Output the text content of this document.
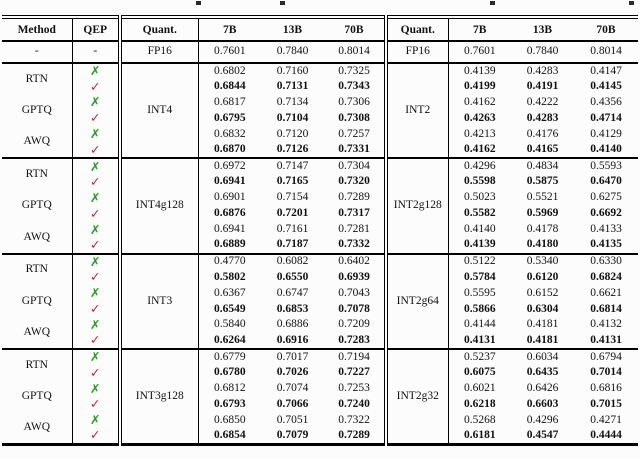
Method	QEP	Quant.	7B	13B	70B	Quant.	7B	13B	70B
-	-	FP16	0.7601	0.7840	0.8014	FP16	0.7601	0.7840	0.8014
RTN	✗	INT4	0.6802	0.7160	0.7325	INT2	0.4139	0.4283	0.4147
	✓		0.6844	0.7131	0.7343		0.4199	0.4191	0.4145
GPTQ	✗		0.6817	0.7134	0.7306		0.4162	0.4222	0.4356
	✓		0.6795	0.7104	0.7308		0.4263	0.4283	0.4714
AWQ	✗		0.6832	0.7120	0.7257		0.4213	0.4176	0.4129
	✓		0.6870	0.7126	0.7331		0.4162	0.4165	0.4140
RTN	✗	INT4g128	0.6972	0.7147	0.7304	INT2g128	0.4296	0.4834	0.5593
	✓		0.6941	0.7165	0.7320		0.5598	0.5875	0.6470
GPTQ	✗		0.6901	0.7154	0.7289		0.5023	0.5521	0.6275
	✓		0.6876	0.7201	0.7317		0.5582	0.5969	0.6692
AWQ	✗		0.6941	0.7161	0.7281		0.4140	0.4178	0.4133
	✓		0.6889	0.7187	0.7332		0.4139	0.4180	0.4135
RTN	✗	INT3	0.4770	0.6082	0.6402	INT2g64	0.5122	0.5340	0.6330
	✓		0.5802	0.6550	0.6939		0.5784	0.6120	0.6824
GPTQ	✗		0.6367	0.6747	0.7043		0.5595	0.6152	0.6621
	✓		0.6549	0.6853	0.7078		0.5866	0.6304	0.6814
AWQ	✗		0.5840	0.6886	0.7209		0.4144	0.4181	0.4132
	✓		0.6264	0.6916	0.7283		0.4131	0.4181	0.4131
RTN	✗	INT3g128	0.6779	0.7017	0.7194	INT2g32	0.5237	0.6034	0.6794
	✓		0.6780	0.7026	0.7227		0.6075	0.6435	0.7014
GPTQ	✗		0.6812	0.7074	0.7253		0.6021	0.6426	0.6816
	✓		0.6793	0.7066	0.7240		0.6218	0.6603	0.7015
AWQ	✗		0.6850	0.7051	0.7322		0.5268	0.4296	0.4271
	✓		0.6854	0.7079	0.7289		0.6181	0.4547	0.4444
